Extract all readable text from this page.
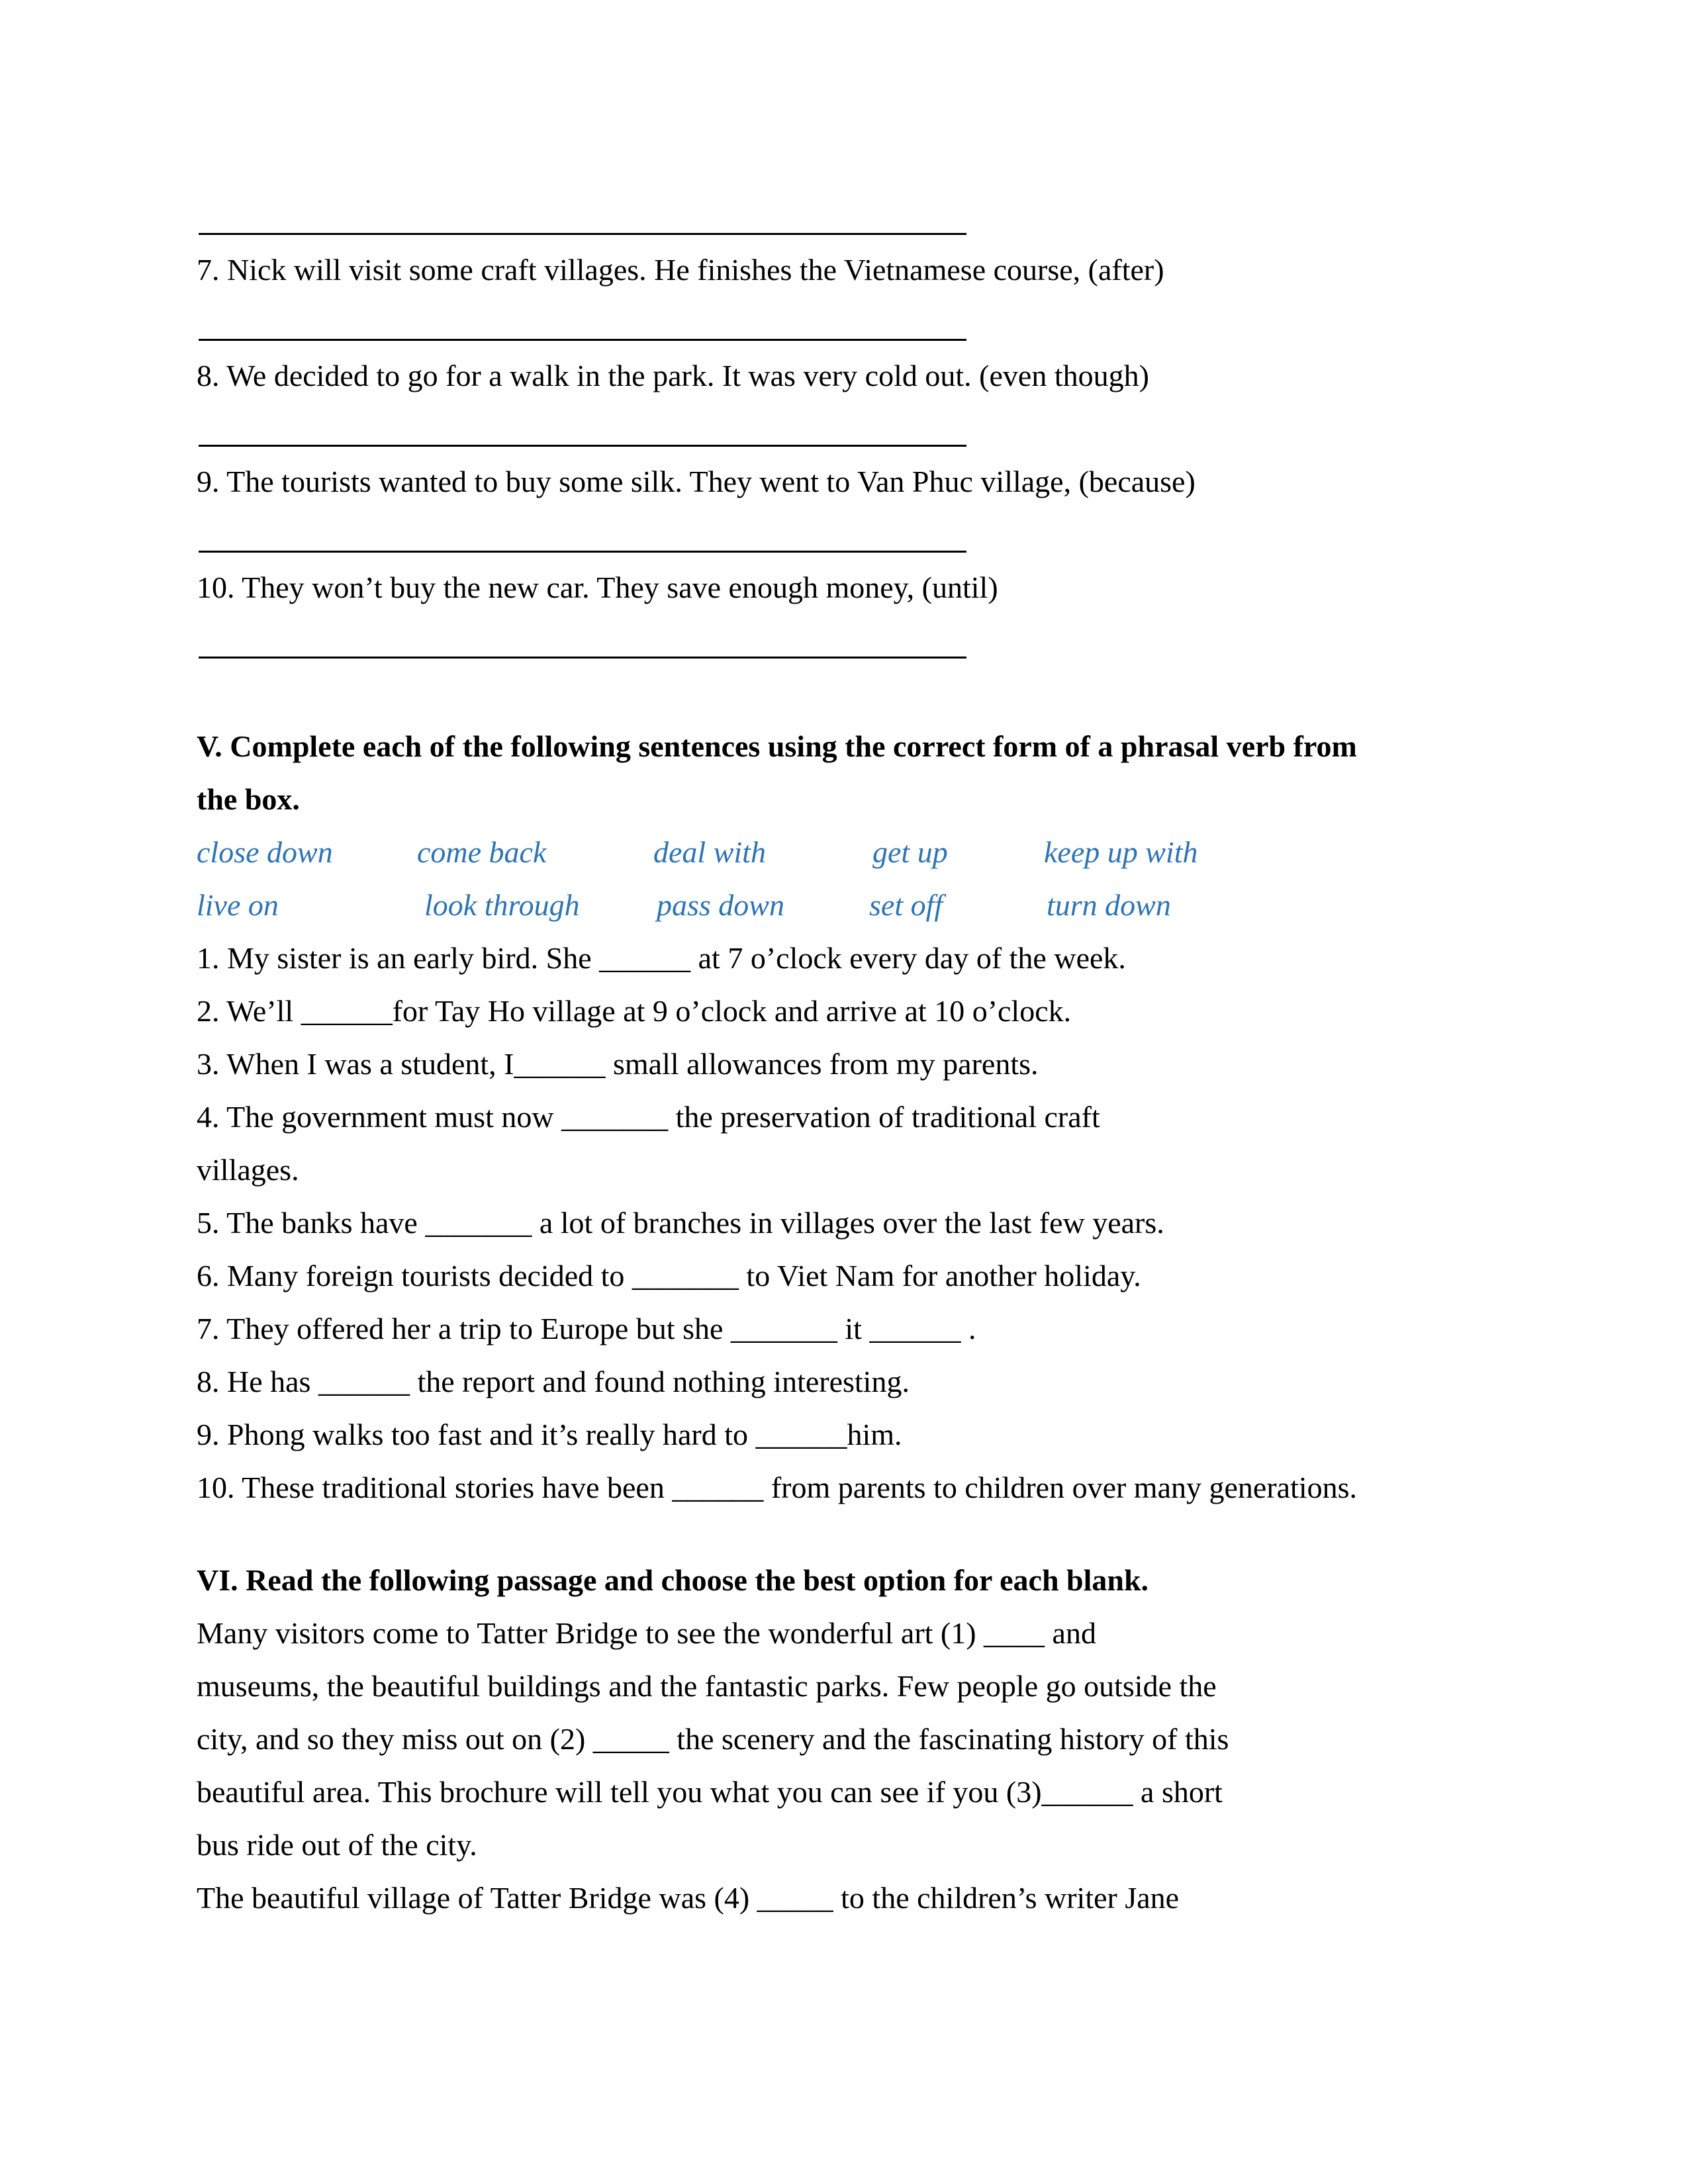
7. Nick will visit some craft villages. He finishes the Vietnamese course, (after)
8. We decided to go for a walk in the park. It was very cold out. (even though)
9. The tourists wanted to buy some silk. They went to Van Phuc village, (because)
10. They won’t buy the new car. They save enough money, (until)
V. Complete each of the following sentences using the correct form of a phrasal verb from
the box.
close down	come back	deal with	get up	keep up with
live on	look through	pass down	set off	turn down
1. My sister is an early bird. She ______ at 7 o’clock every day of the week.
2. We’ll ______for Tay Ho village at 9 o’clock and arrive at 10 o’clock.
3. When I was a student, I______ small allowances from my parents.
4. The government must now _______ the preservation of traditional craft
villages.
5. The banks have _______ a lot of branches in villages over the last few years.
6. Many foreign tourists decided to _______ to Viet Nam for another holiday.
7. They offered her a trip to Europe but she _______ it ______ .
8. He has ______ the report and found nothing interesting.
9. Phong walks too fast and it’s really hard to ______him.
10. These traditional stories have been ______ from parents to children over many generations.
VI. Read the following passage and choose the best option for each blank.
Many visitors come to Tatter Bridge to see the wonderful art (1) ____ and
museums, the beautiful buildings and the fantastic parks. Few people go outside the
city, and so they miss out on (2) _____ the scenery and the fascinating history of this
beautiful area. This brochure will tell you what you can see if you (3)______ a short
bus ride out of the city.
The beautiful village of Tatter Bridge was (4) _____ to the children’s writer Jane
